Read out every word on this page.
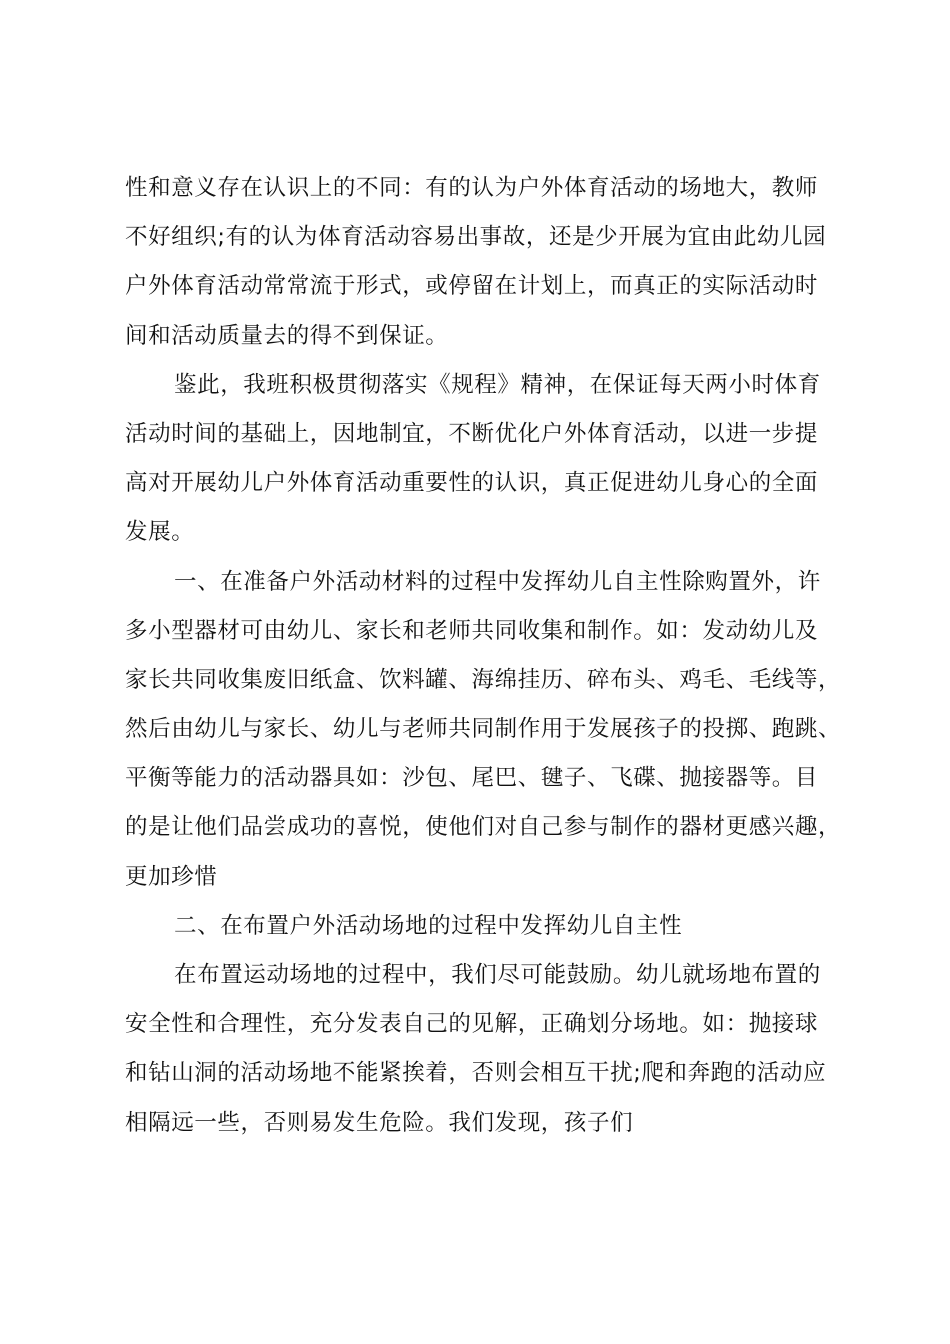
性和意义存在认识上的不同：有的认为户外体育活动的场地大，教师
不好组织;有的认为体育活动容易出事故，还是少开展为宜由此幼儿园
户外体育活动常常流于形式，或停留在计划上，而真正的实际活动时
间和活动质量去的得不到保证。
鉴此，我班积极贯彻落实《规程》精神，在保证每天两小时体育
活动时间的基础上，因地制宜，不断优化户外体育活动，以进一步提
高对开展幼儿户外体育活动重要性的认识，真正促进幼儿身心的全面
发展。
一、在准备户外活动材料的过程中发挥幼儿自主性除购置外，许
多小型器材可由幼儿、家长和老师共同收集和制作。如：发动幼儿及
家长共同收集废旧纸盒、饮料罐、海绵挂历、碎布头、鸡毛、毛线等，
然后由幼儿与家长、幼儿与老师共同制作用于发展孩子的投掷、跑跳、
平衡等能力的活动器具如：沙包、尾巴、毽子、飞碟、抛接器等。目
的是让他们品尝成功的喜悦，使他们对自己参与制作的器材更感兴趣，
更加珍惜
二、在布置户外活动场地的过程中发挥幼儿自主性
在布置运动场地的过程中，我们尽可能鼓励。幼儿就场地布置的
安全性和合理性，充分发表自己的见解，正确划分场地。如：抛接球
和钻山洞的活动场地不能紧挨着，否则会相互干扰;爬和奔跑的活动应
相隔远一些，否则易发生危险。我们发现，孩子们
